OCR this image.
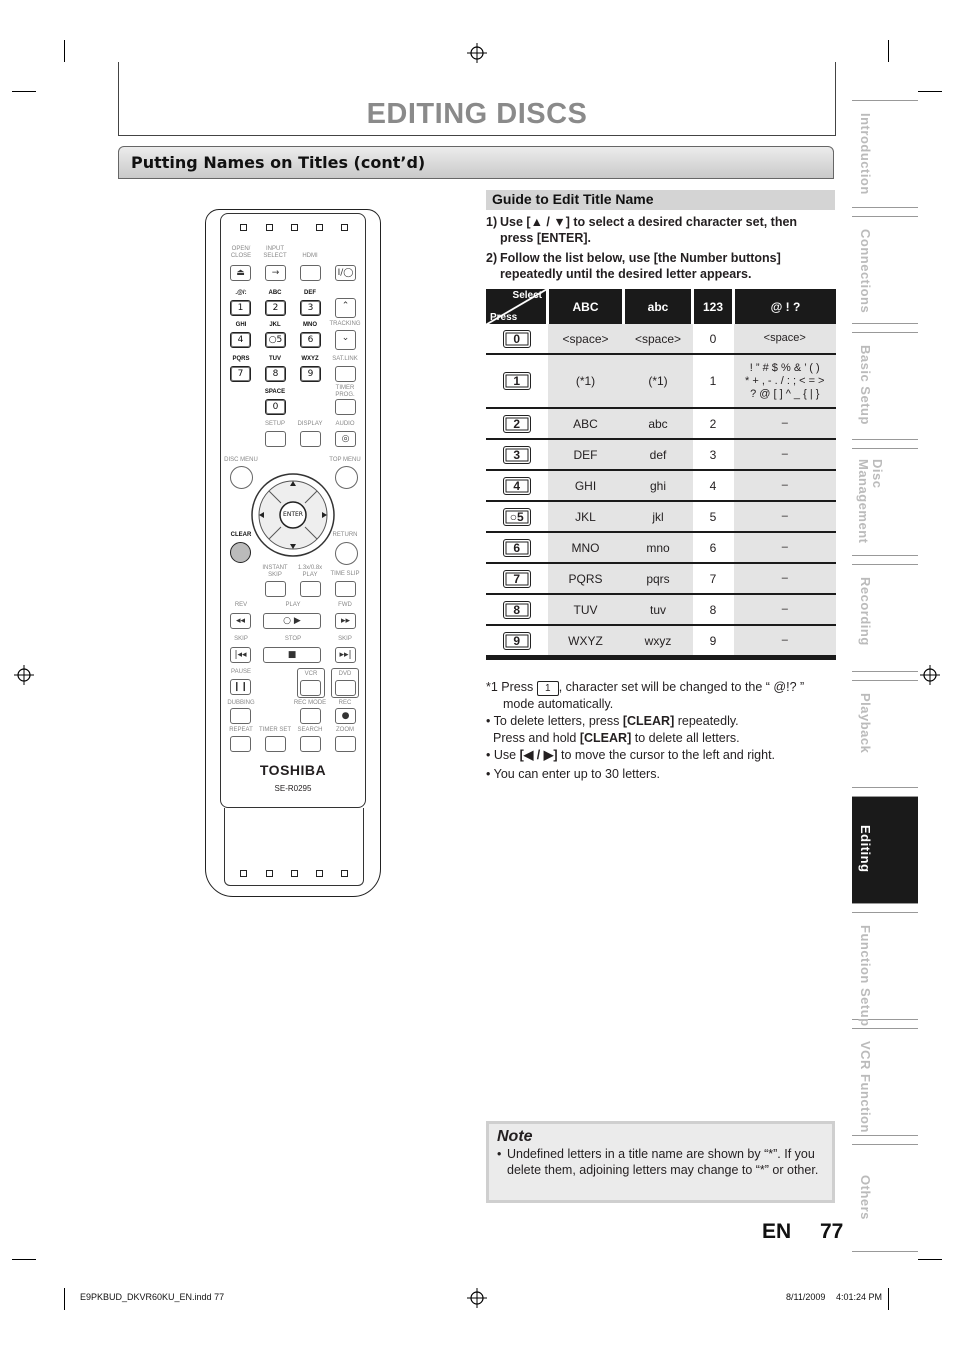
EDITING DISCS
Putting Names on Titles (cont’d)	Introduction
Connections
Basic Setup
Disc
Management
Recording
Playback
Editing
Function Setup
VCR Function
Others
Guide to Edit Title Name
1) Use [▲ / ▼] to select a desired character set, then press [ENTER].
2) Follow the list below, use [the Number buttons] repeatedly until the desired letter appears.
Select
Press	ABC	abc	123	@ ! ?
0	<space>	<space>	0	<space>
1	(*1)	(*1)	1	! ” # $ % & ’ ( )
* + , - . / : ; < = >
? @ [ ] ^ _ { | }
2	ABC	abc	2	–
3	DEF	def	3	–
4	GHI	ghi	4	–
○5	JKL	jkl	5	–
6	MNO	mno	6	–
7	PQRS	pqrs	7	–
8	TUV	tuv	8	–
9	WXYZ	wxyz	9	–
*1 Press 1 , character set will be changed to the “ @!? ”
mode automatically.
• To delete letters, press [CLEAR] repeatedly.
Press and hold [CLEAR] to delete all letters.
• Use [◀ / ▶] to move the cursor to the left and right.
• You can enter up to 30 letters.
Note
• Undefined letters in a title name are shown by “*”. If you delete them, adjoining letters may change to “*” or other.
EN 77
E9PKBUD_DKVR60KU_EN.indd 77	8/11/2009 4:01:24 PM
OPEN/
CLOSE
INPUT
SELECT	HDMI
⏏	→	I/◯
.@/:	ABC	DEF
1	2	3
GHI	JKL	MNO
4	○5	6
PQRS	TUV	WXYZ
7	8	9
SPACE
0
⌃
TRACKING
⌄
SAT.LINK
TIMER
PROG.
SETUP	DISPLAY	AUDIO
◎
DISC MENU	TOP MENU
ENTER
CLEAR	RETURN
INSTANT
SKIP
1.3x/0.8x
PLAY	TIME SLIP
REV	PLAY	FWD
◂◂	○ ▶	▸▸
SKIP	STOP	SKIP
|◂◂	■	▸▸|
PAUSE
❙❙
VCR	DVD
DUBBING	REC MODE	REC
●
REPEAT	TIMER SET	SEARCH	ZOOM
TOSHIBA
SE-R0295
